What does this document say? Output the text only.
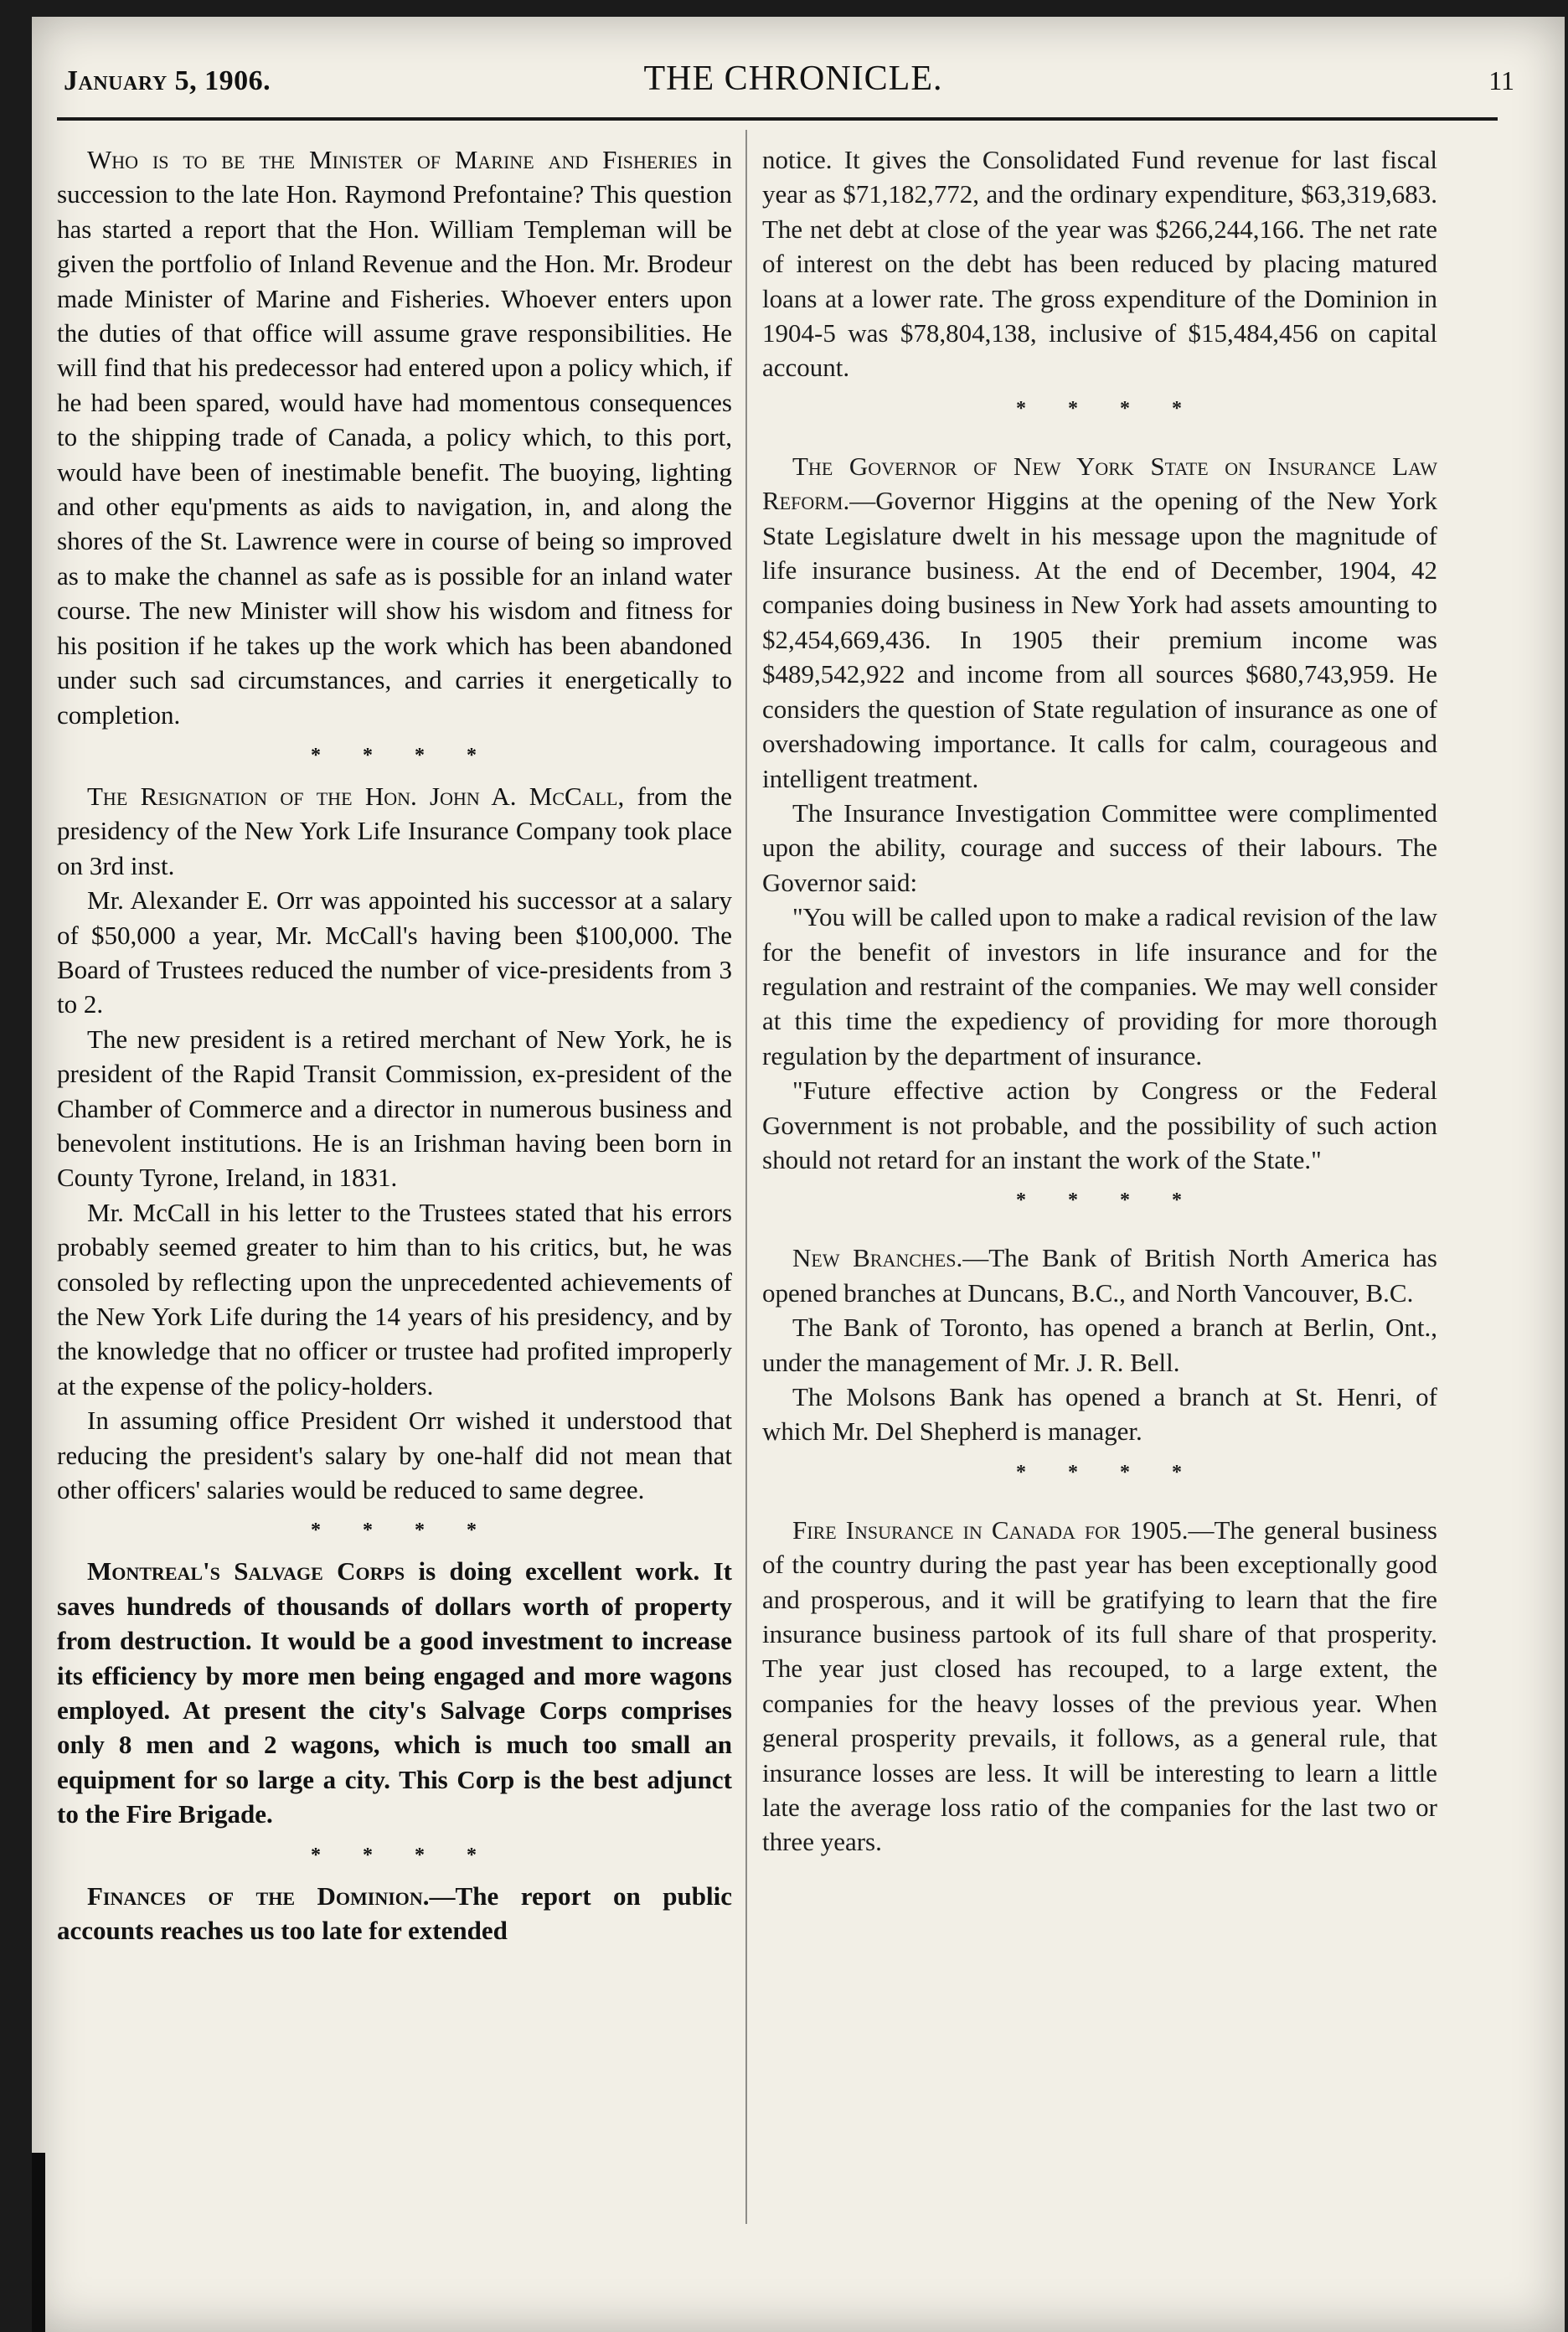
January 5, 1906.	THE CHRONICLE.	11

Who is to be the Minister of Marine and Fisheries in succession to the late Hon. Raymond Prefontaine? This question has started a report that the Hon. William Templeman will be given the portfolio of Inland Revenue and the Hon. Mr. Brodeur made Minister of Marine and Fisheries. Whoever enters upon the duties of that office will assume grave responsibilities. He will find that his predecessor had entered upon a policy which, if he had been spared, would have had momentous consequences to the shipping trade of Canada, a policy which, to this port, would have been of inestimable benefit. The buoying, lighting and other equ'pments as aids to navigation, in, and along the shores of the St. Lawrence were in course of being so improved as to make the channel as safe as is possible for an inland water course. The new Minister will show his wisdom and fitness for his position if he takes up the work which has been abandoned under such sad circumstances, and carries it energetically to completion.

* * * *

The Resignation of the Hon. John A. McCall, from the presidency of the New York Life Insurance Company took place on 3rd inst.

Mr. Alexander E. Orr was appointed his successor at a salary of $50,000 a year, Mr. McCall's having been $100,000. The Board of Trustees reduced the number of vice-presidents from 3 to 2.

The new president is a retired merchant of New York, he is president of the Rapid Transit Commission, ex-president of the Chamber of Commerce and a director in numerous business and benevolent institutions. He is an Irishman having been born in County Tyrone, Ireland, in 1831.

Mr. McCall in his letter to the Trustees stated that his errors probably seemed greater to him than to his critics, but, he was consoled by reflecting upon the unprecedented achievements of the New York Life during the 14 years of his presidency, and by the knowledge that no officer or trustee had profited improperly at the expense of the policy-holders.

In assuming office President Orr wished it understood that reducing the president's salary by one-half did not mean that other officers' salaries would be reduced to same degree.

* * * *

Montreal's Salvage Corps is doing excellent work. It saves hundreds of thousands of dollars worth of property from destruction. It would be a good investment to increase its efficiency by more men being engaged and more wagons employed. At present the city's Salvage Corps comprises only 8 men and 2 wagons, which is much too small an equipment for so large a city. This Corp is the best adjunct to the Fire Brigade.

* * * *

Finances of the Dominion.—The report on public accounts reaches us too late for extended

notice. It gives the Consolidated Fund revenue for last fiscal year as $71,182,772, and the ordinary expenditure, $63,319,683. The net debt at close of the year was $266,244,166. The net rate of interest on the debt has been reduced by placing matured loans at a lower rate. The gross expenditure of the Dominion in 1904-5 was $78,804,138, inclusive of $15,484,456 on capital account.

* * * *

The Governor of New York State on Insurance Law Reform.—Governor Higgins at the opening of the New York State Legislature dwelt in his message upon the magnitude of life insurance business. At the end of December, 1904, 42 companies doing business in New York had assets amounting to $2,454,669,436. In 1905 their premium income was $489,542,922 and income from all sources $680,743,959. He considers the question of State regulation of insurance as one of overshadowing importance. It calls for calm, courageous and intelligent treatment.

The Insurance Investigation Committee were complimented upon the ability, courage and success of their labours. The Governor said:

"You will be called upon to make a radical revision of the law for the benefit of investors in life insurance and for the regulation and restraint of the companies. We may well consider at this time the expediency of providing for more thorough regulation by the department of insurance.

"Future effective action by Congress or the Federal Government is not probable, and the possibility of such action should not retard for an instant the work of the State."

* * * *

New Branches.—The Bank of British North America has opened branches at Duncans, B.C., and North Vancouver, B.C.

The Bank of Toronto, has opened a branch at Berlin, Ont., under the management of Mr. J. R. Bell.

The Molsons Bank has opened a branch at St. Henri, of which Mr. Del Shepherd is manager.

* * * *

Fire Insurance in Canada for 1905.—The general business of the country during the past year has been exceptionally good and prosperous, and it will be gratifying to learn that the fire insurance business partook of its full share of that prosperity. The year just closed has recouped, to a large extent, the companies for the heavy losses of the previous year. When general prosperity prevails, it follows, as a general rule, that insurance losses are less. It will be interesting to learn a little late the average loss ratio of the companies for the last two or three years.
